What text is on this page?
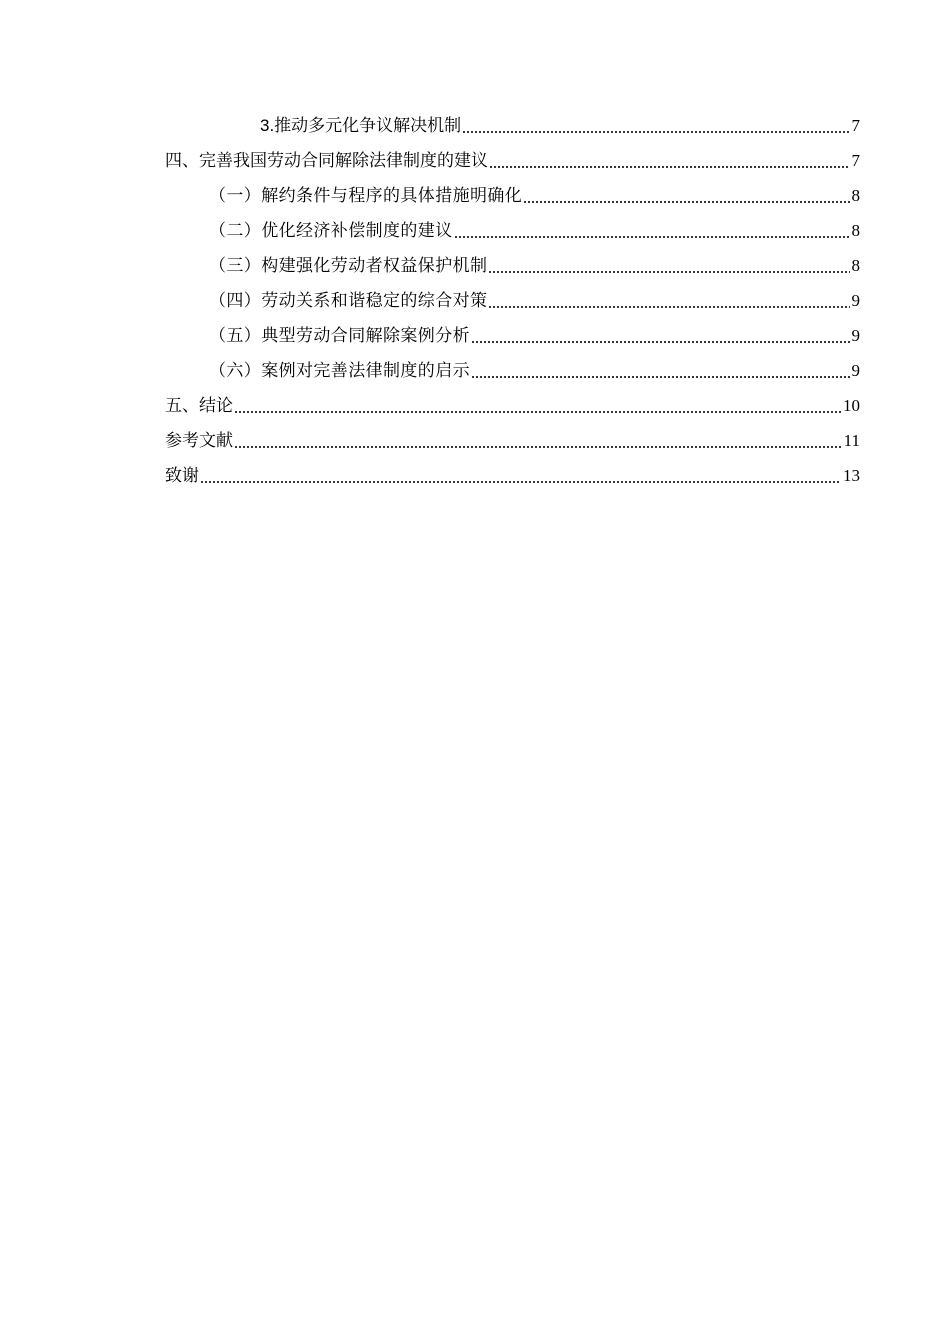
3.推动多元化争议解决机制	7
四、完善我国劳动合同解除法律制度的建议	7
（一）解约条件与程序的具体措施明确化	8
（二）优化经济补偿制度的建议	8
（三）构建强化劳动者权益保护机制	8
（四）劳动关系和谐稳定的综合对策	9
（五）典型劳动合同解除案例分析	9
（六）案例对完善法律制度的启示	9
五、结论	10
参考文献	11
致谢	13
